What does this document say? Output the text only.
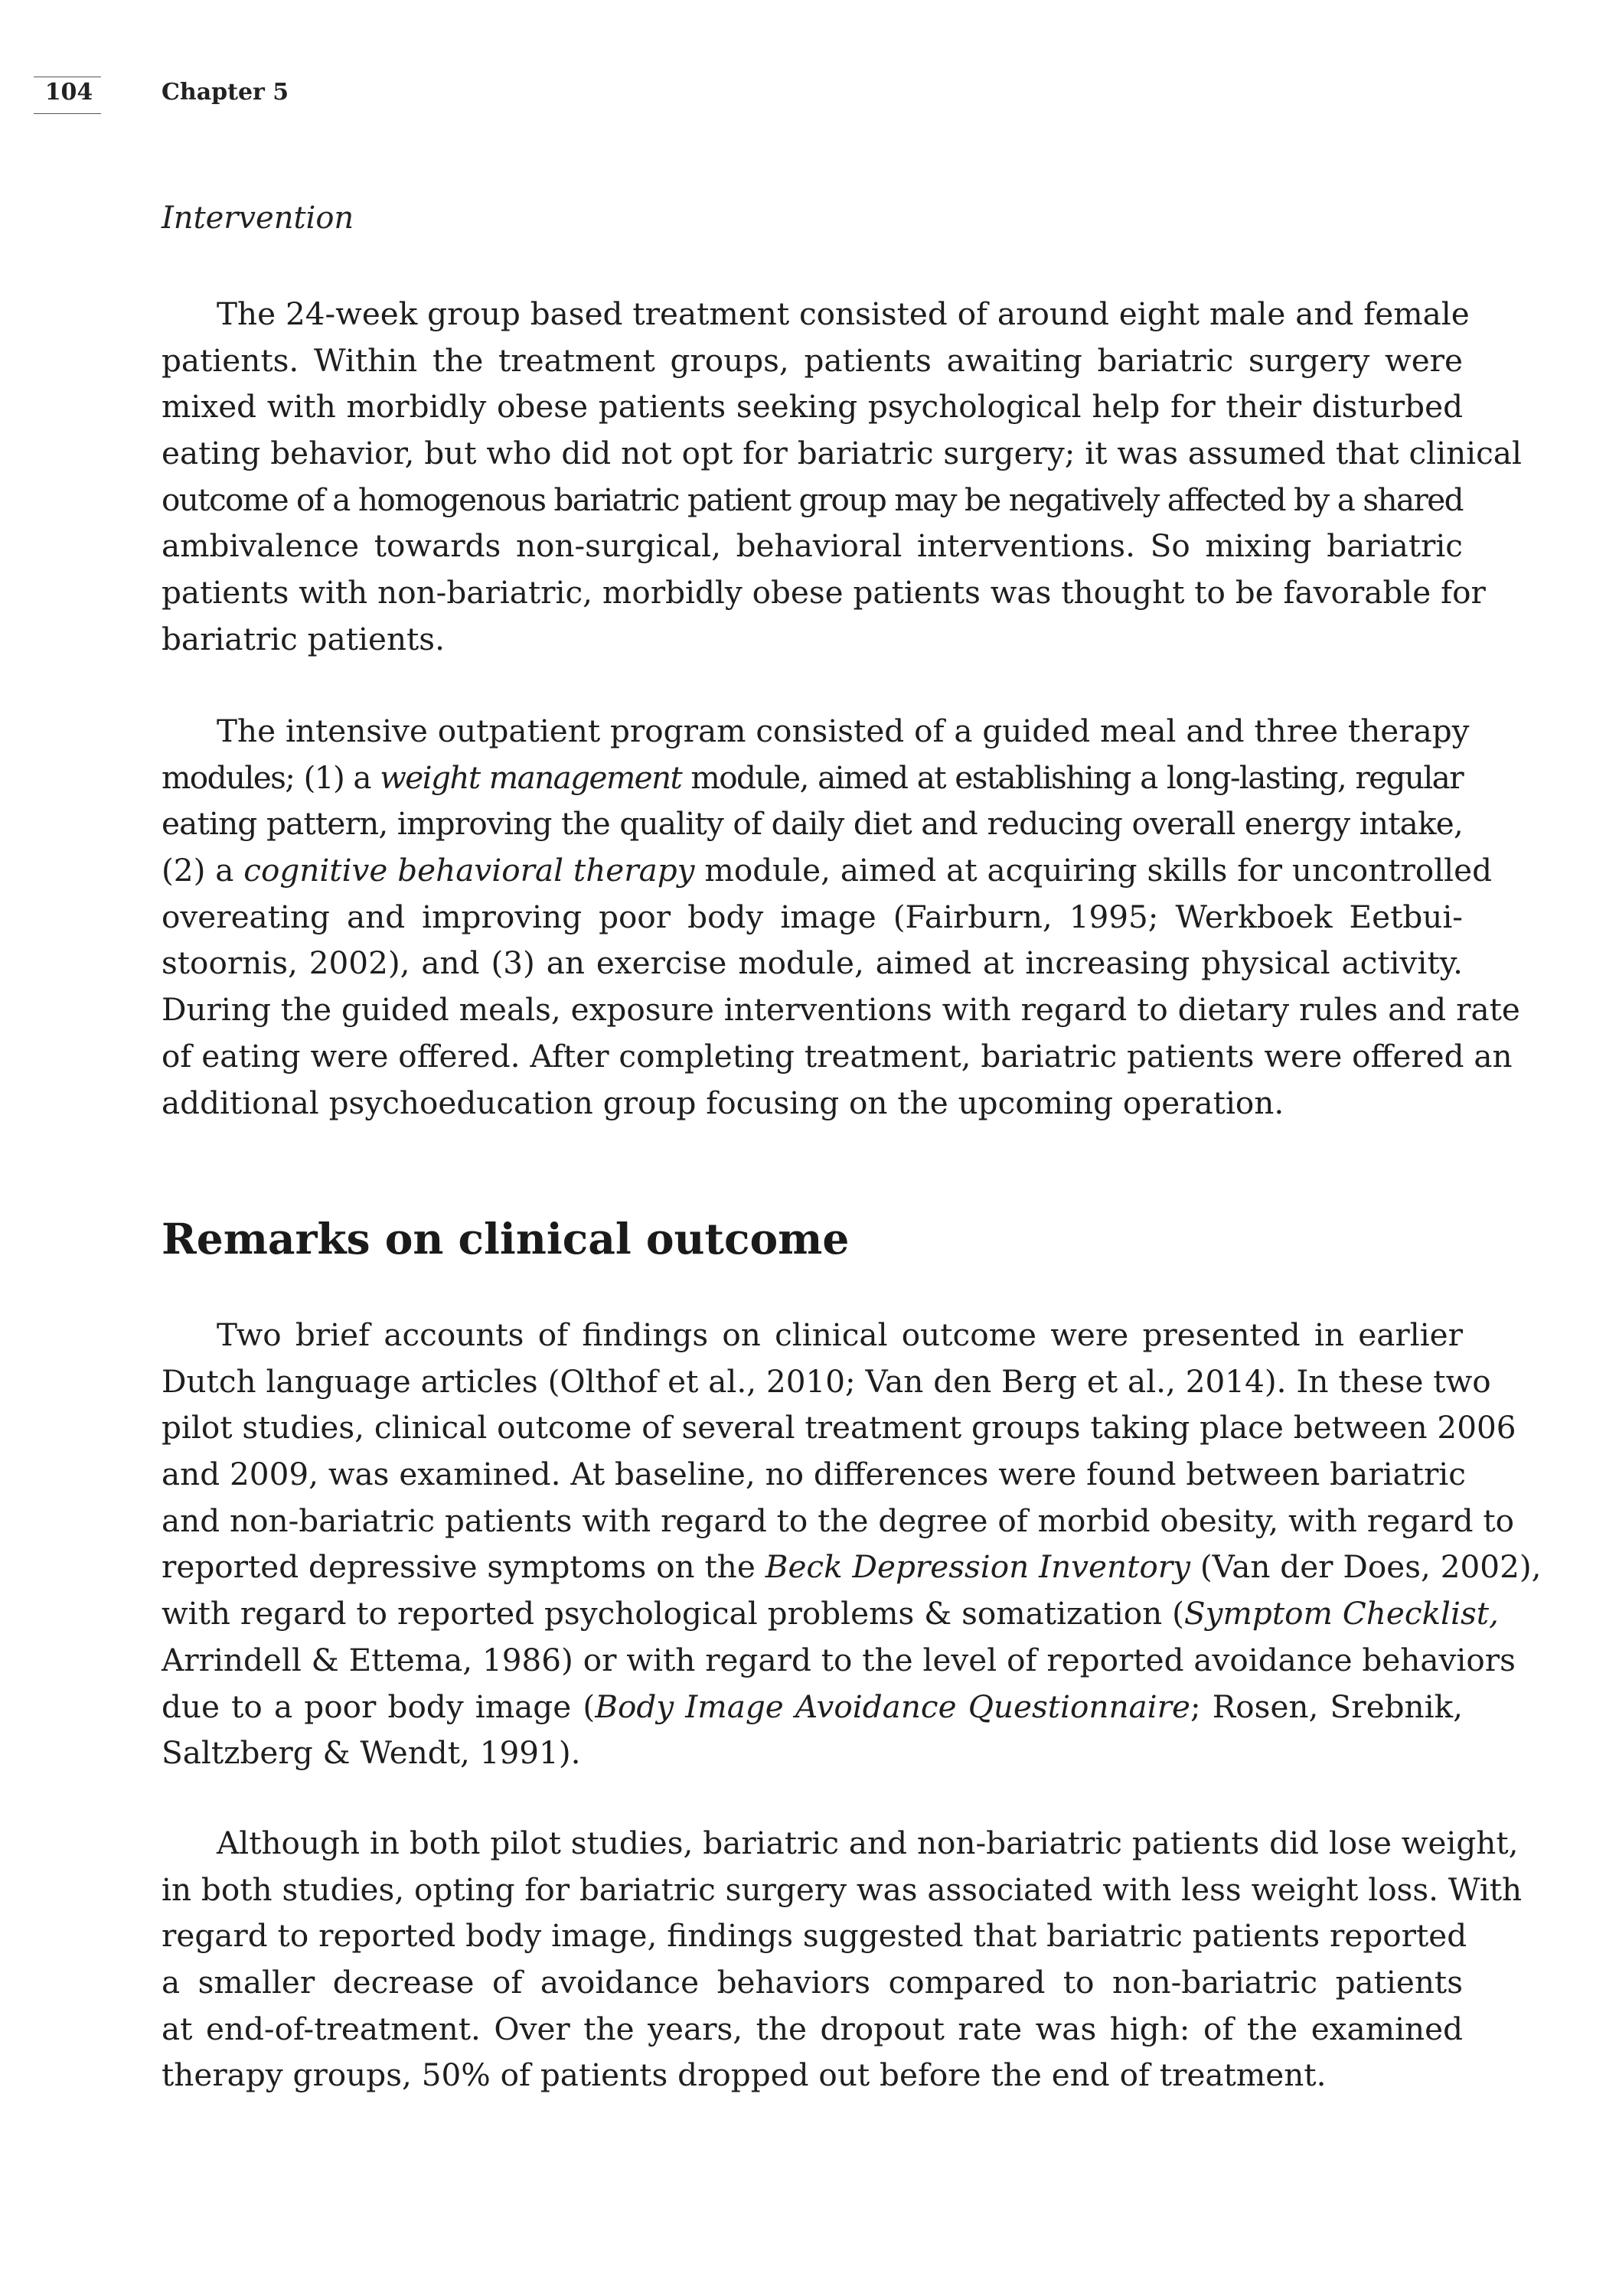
104	Chapter 5
Intervention
The 24-week group based treatment consisted of around eight male and female
patients. Within the treatment groups, patients awaiting bariatric surgery were
mixed with morbidly obese patients seeking psychological help for their disturbed
eating behavior, but who did not opt for bariatric surgery; it was assumed that clinical
outcome of a homogenous bariatric patient group may be negatively affected by a shared
ambivalence towards non-surgical, behavioral interventions. So mixing bariatric
patients with non-bariatric, morbidly obese patients was thought to be favorable for
bariatric patients.
The intensive outpatient program consisted of a guided meal and three therapy
modules; (1) a weight management module, aimed at establishing a long-lasting, regular
eating pattern, improving the quality of daily diet and reducing overall energy intake,
(2) a cognitive behavioral therapy module, aimed at acquiring skills for uncontrolled
overeating and improving poor body image (Fairburn, 1995; Werkboek Eetbui-
stoornis, 2002), and (3) an exercise module, aimed at increasing physical activity.
During the guided meals, exposure interventions with regard to dietary rules and rate
of eating were offered. After completing treatment, bariatric patients were offered an
additional psychoeducation group focusing on the upcoming operation.
Remarks on clinical outcome
Two brief accounts of findings on clinical outcome were presented in earlier
Dutch language articles (Olthof et al., 2010; Van den Berg et al., 2014). In these two
pilot studies, clinical outcome of several treatment groups taking place between 2006
and 2009, was examined. At baseline, no differences were found between bariatric
and non-bariatric patients with regard to the degree of morbid obesity, with regard to
reported depressive symptoms on the Beck Depression Inventory (Van der Does, 2002),
with regard to reported psychological problems & somatization (Symptom Checklist,
Arrindell & Ettema, 1986) or with regard to the level of reported avoidance behaviors
due to a poor body image (Body Image Avoidance Questionnaire; Rosen, Srebnik,
Saltzberg & Wendt, 1991).
Although in both pilot studies, bariatric and non-bariatric patients did lose weight,
in both studies, opting for bariatric surgery was associated with less weight loss. With
regard to reported body image, findings suggested that bariatric patients reported
a smaller decrease of avoidance behaviors compared to non-bariatric patients
at end-of-treatment. Over the years, the dropout rate was high: of the examined
therapy groups, 50% of patients dropped out before the end of treatment.
